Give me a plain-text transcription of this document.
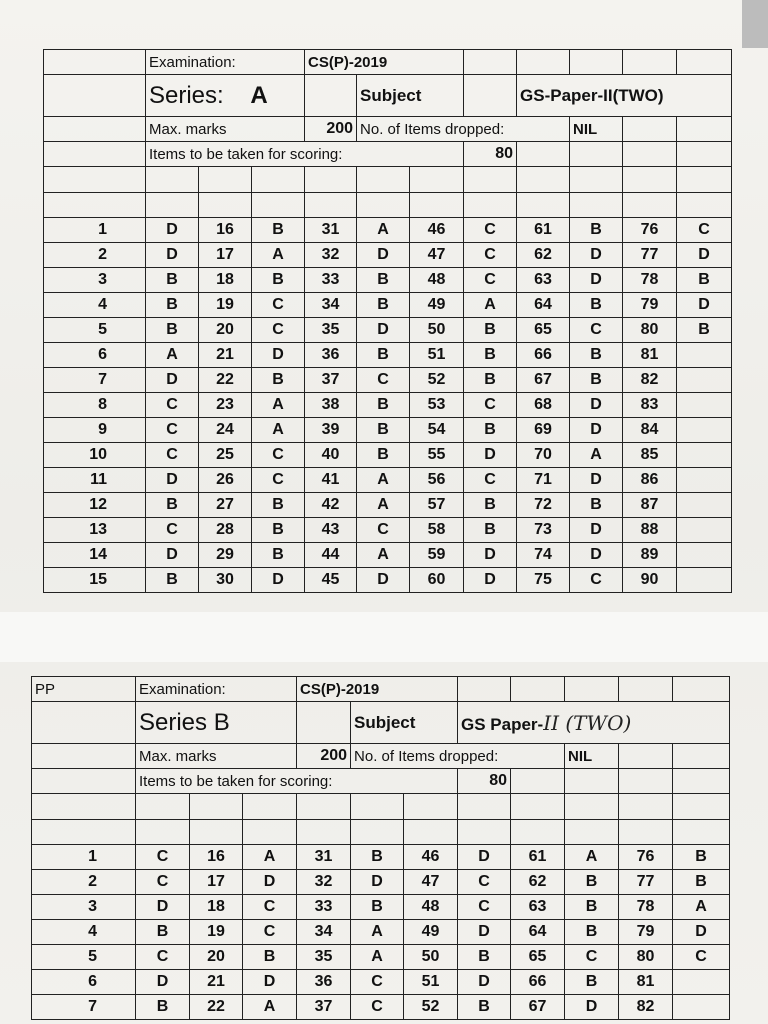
	Examination:			CS(P)-2019							
	Series: A				Subject			GS-Paper-II(TWO)			
	Max. marks			200	No. of Items dropped:				NIL		
	Items to be taken for scoring:						80				

1	D	16	B	31	A	46	C	61	B	76	C
2	D	17	A	32	D	47	C	62	D	77	D
3	B	18	B	33	B	48	C	63	D	78	B
4	B	19	C	34	B	49	A	64	B	79	D
5	B	20	C	35	D	50	B	65	C	80	B
6	A	21	D	36	B	51	B	66	B	81	
7	D	22	B	37	C	52	B	67	B	82	
8	C	23	A	38	B	53	C	68	D	83	
9	C	24	A	39	B	54	B	69	D	84	
10	C	25	C	40	B	55	D	70	A	85	
11	D	26	C	41	A	56	C	71	D	86	
12	B	27	B	42	A	57	B	72	B	87	
13	C	28	B	43	C	58	B	73	D	88	
14	D	29	B	44	A	59	D	74	D	89	
15	B	30	D	45	D	60	D	75	C	90	
PP	Examination:			CS(P)-2019							
	Series B				Subject		GS Paper-II (TWO)				
	Max. marks			200	No. of Items dropped:				NIL		
	Items to be taken for scoring:						80				

1	C	16	A	31	B	46	D	61	A	76	B
2	C	17	D	32	D	47	C	62	B	77	B
3	D	18	C	33	B	48	C	63	B	78	A
4	B	19	C	34	A	49	D	64	B	79	D
5	C	20	B	35	A	50	B	65	C	80	C
6	D	21	D	36	C	51	D	66	B	81	
7	B	22	A	37	C	52	B	67	D	82	
